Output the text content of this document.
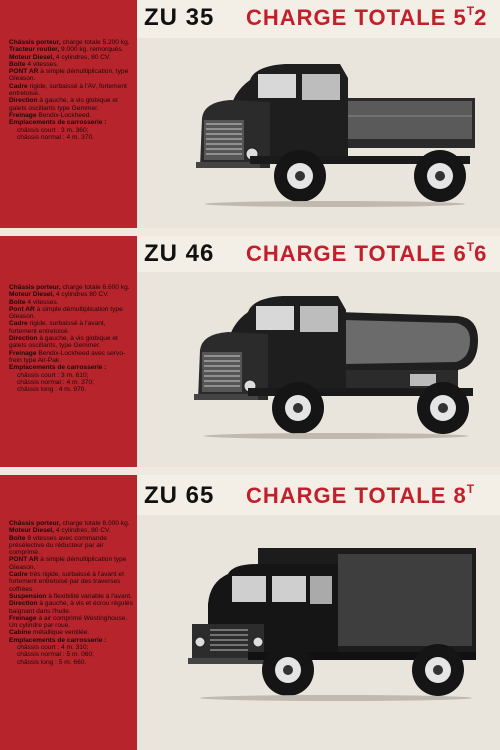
ZU 35 CHARGE TOTALE $5^T2$

Châssis porteur, charge totale 5.200 kg.

Tracteur routier, 9.000 kg. remorqués.

Moteur Diesel, 4 cylindres, 80 CV.

Boîte 4 vitesses.

PONT AR à simple démultiplication, type Gleason.

Cadre rigide, surbaissé à l'AV, fortement entretoisé.

Direction à gauche, à vis globique et galets oscillants type Gemmer.

Freinage Bendix-Lockheed.

Emplacements de carrosserie :

châssis court : 3 m. 360;

châssis normal : 4 m. 370.

ZU 46 CHARGE TOTALE $6^T6$

Châssis porteur, charge totale 6.600 kg.

Moteur Diesel, 4 cylindres 80 CV.

Boîte 4 vitesses.

Pont AR à simple démultiplication type Gleason.

Cadre rigide, surbaissé à l'avant, fortement entretoisé.

Direction à gauche, à vis globique et galets oscillants, type Gemmer.

Freinage Bendix-Lockheed avec servo-frein type Air-Pak.

Emplacements de carrosserie :

châssis court : 3 m. 610;

châssis normal : 4 m. 370;

châssis long : 4 m. 970.

ZU 65 CHARGE TOTALE $8^T$

Châssis porteur, charge totale 8.000 kg.

Moteur Diesel, 4 cylindres, 80 CV.

Boîte 8 vitesses avec commande présélective du réducteur par air comprimé.

PONT AR à simple démultiplication type Gleason.

Cadre très rigide, surbaissé à l'avant et fortement entretoisé par des traverses coffrées.

Suspension à flexibilité variable à l'avant.

Direction à gauche, à vis et écrou régulés baignant dans l'huile.

Freinage à air comprimé Westinghouse. Un cylindre par roue.

Cabine métallique ventilée.

Emplacements de carrosserie :

châssis court : 4 m. 310;

châssis normal : 5 m. 060;

châssis long : 5 m. 660.
